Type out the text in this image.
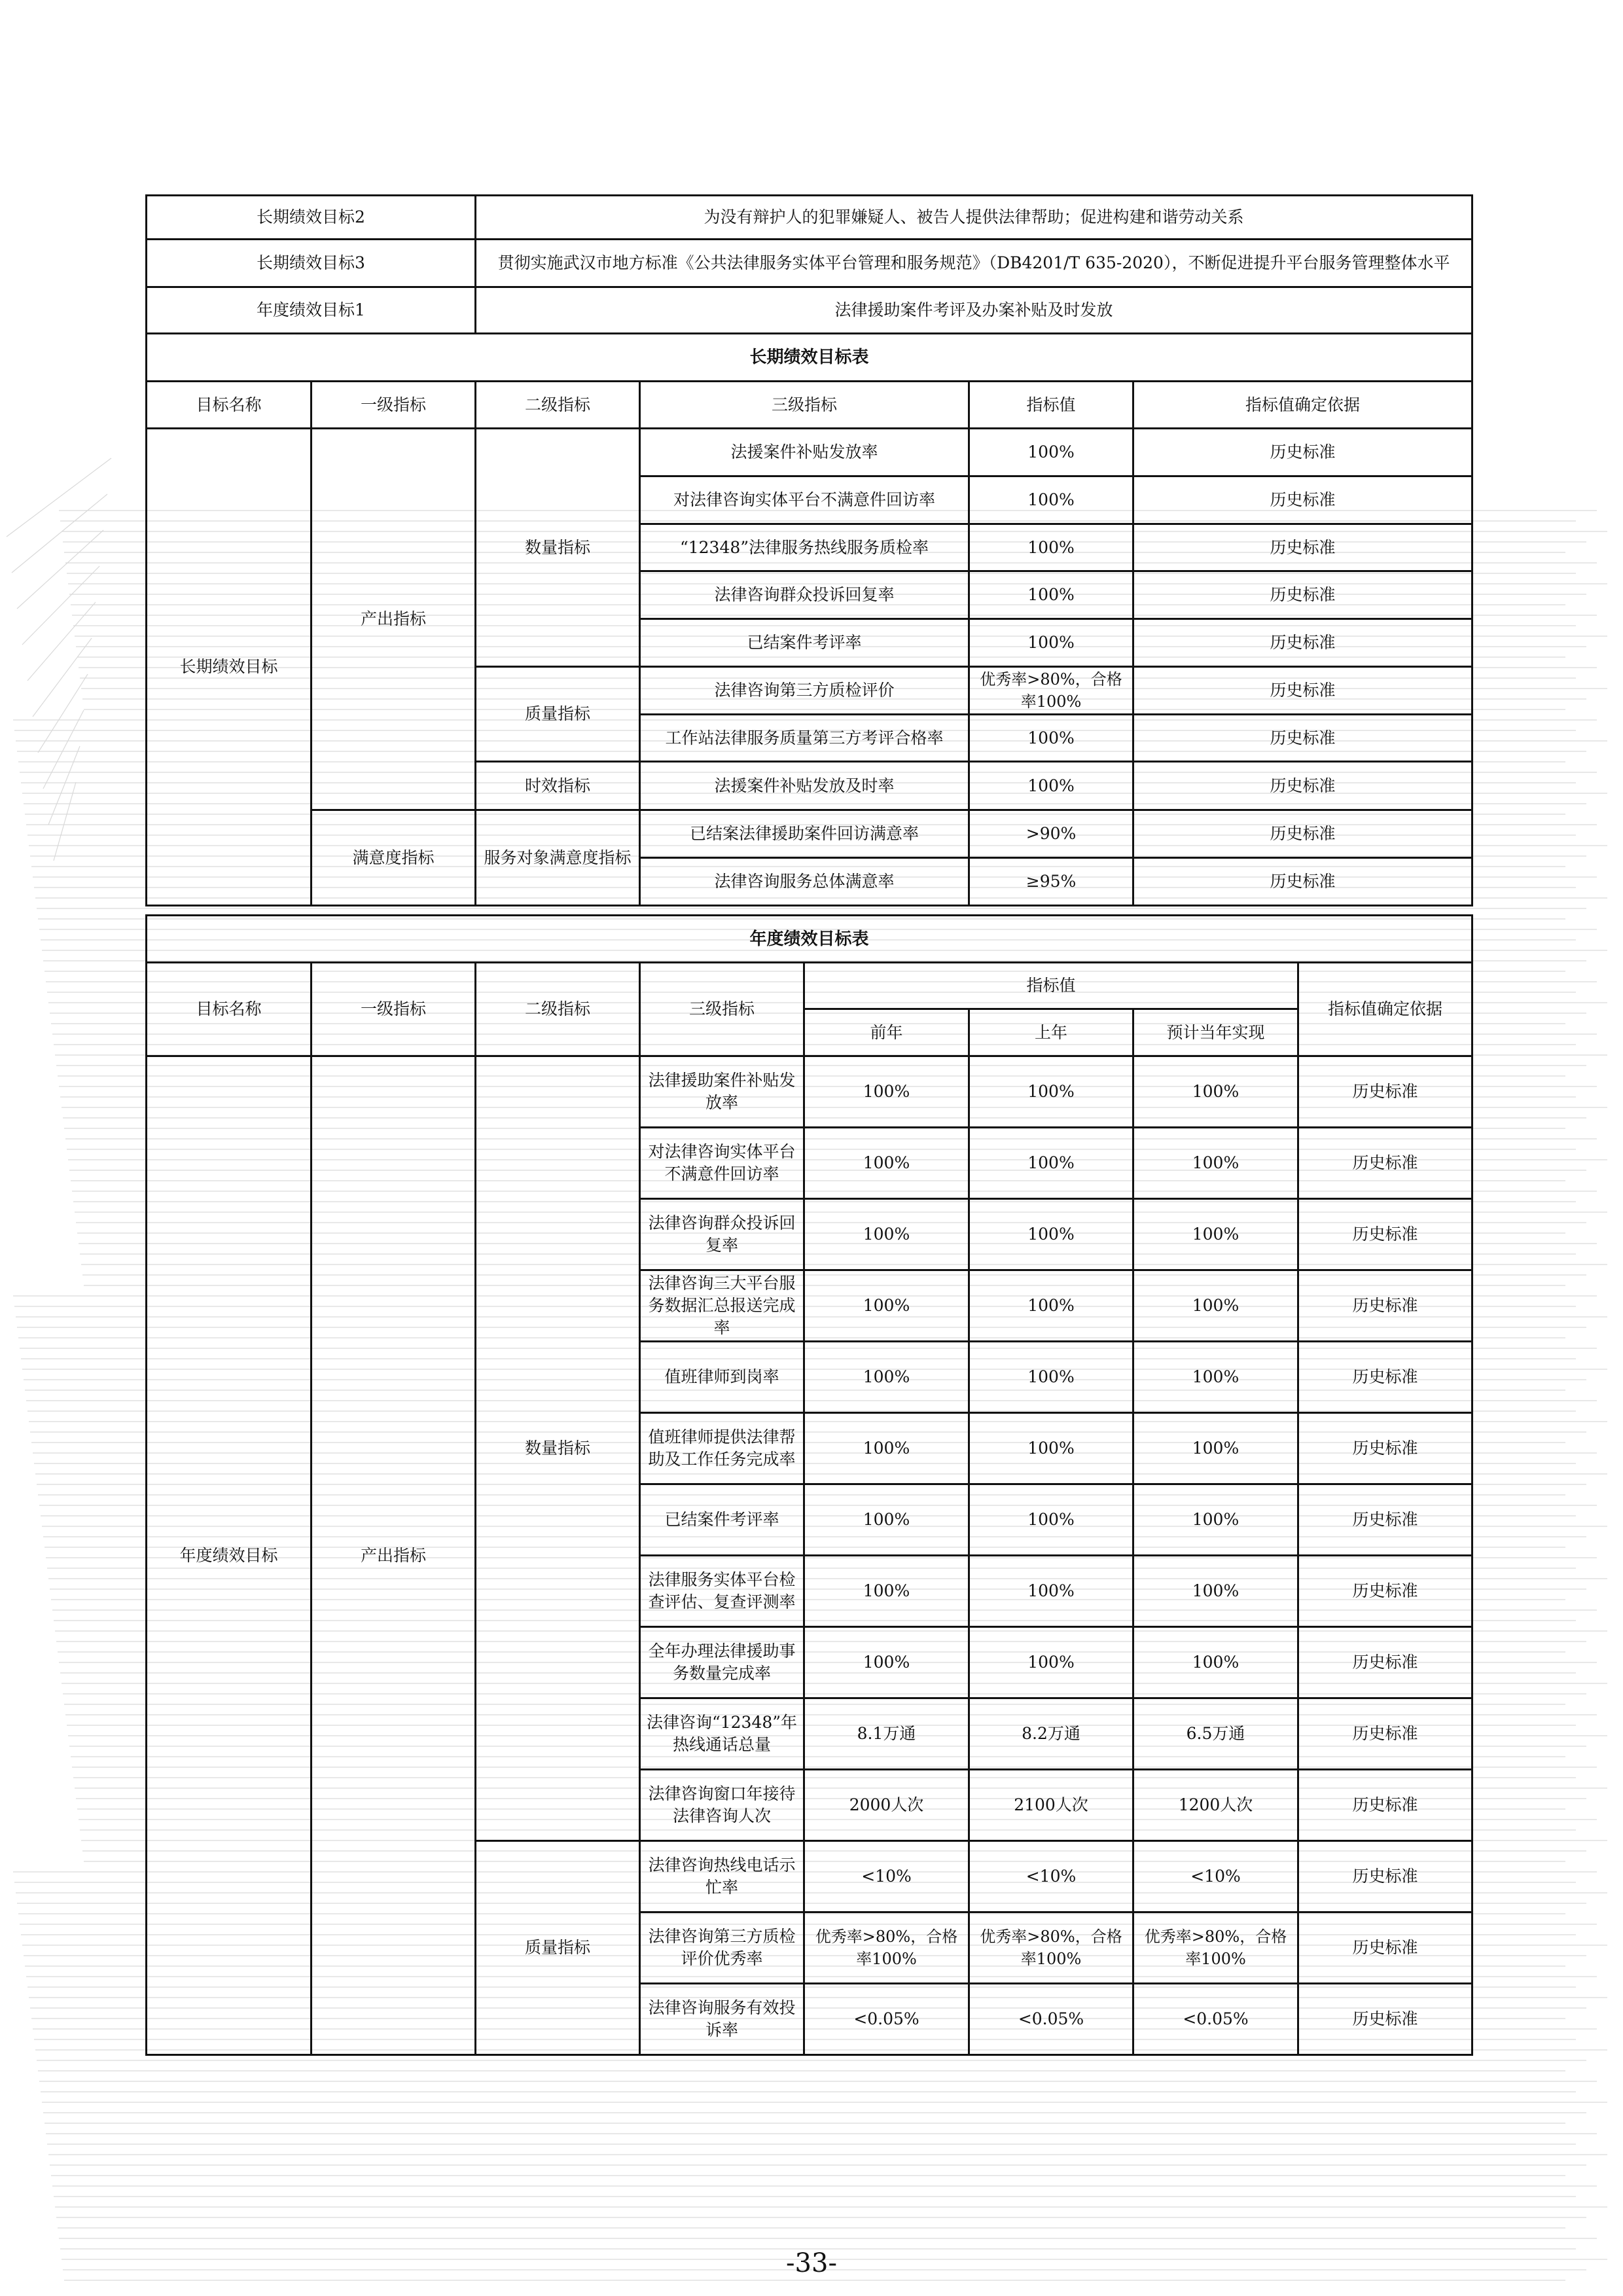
长期绩效目标2		为没有辩护人的犯罪嫌疑人、被告人提供法律帮助；促进构建和谐劳动关系			
长期绩效目标3		贯彻实施武汉市地方标准《公共法律服务实体平台管理和服务规范》（DB4201/T 635-2020），不断促进提升平台服务管理整体水平			
年度绩效目标1		法律援助案件考评及办案补贴及时发放			
长期绩效目标表					
目标名称	一级指标	二级指标	三级指标	指标值	指标值确定依据
长期绩效目标	产出指标	数量指标	法援案件补贴发放率	100%	历史标准
			对法律咨询实体平台不满意件回访率	100%	历史标准
			“12348”法律服务热线服务质检率	100%	历史标准
			法律咨询群众投诉回复率	100%	历史标准
			已结案件考评率	100%	历史标准
		质量指标	法律咨询第三方质检评价	优秀率>80%，合格率100%	历史标准
			工作站法律服务质量第三方考评合格率	100%	历史标准
		时效指标	法援案件补贴发放及时率	100%	历史标准
	满意度指标	服务对象满意度指标	已结案法律援助案件回访满意率	>90%	历史标准
			法律咨询服务总体满意率	≥95%	历史标准
年度绩效目标表							
目标名称	一级指标	二级指标	三级指标	指标值			指标值确定依据
				前年	上年	预计当年实现	
年度绩效目标	产出指标	数量指标	法律援助案件补贴发放率	100%	100%	100%	历史标准
			对法律咨询实体平台不满意件回访率	100%	100%	100%	历史标准
			法律咨询群众投诉回复率	100%	100%	100%	历史标准
			法律咨询三大平台服务数据汇总报送完成率	100%	100%	100%	历史标准
			值班律师到岗率	100%	100%	100%	历史标准
			值班律师提供法律帮助及工作任务完成率	100%	100%	100%	历史标准
			已结案件考评率	100%	100%	100%	历史标准
			法律服务实体平台检查评估、复查评测率	100%	100%	100%	历史标准
			全年办理法律援助事务数量完成率	100%	100%	100%	历史标准
			法律咨询“12348”年热线通话总量	8.1万通	8.2万通	6.5万通	历史标准
			法律咨询窗口年接待法律咨询人次	2000人次	2100人次	1200人次	历史标准
		质量指标	法律咨询热线电话示忙率	<10%	<10%	<10%	历史标准
			法律咨询第三方质检评价优秀率	优秀率>80%，合格率100%	优秀率>80%，合格率100%	优秀率>80%，合格率100%	历史标准
			法律咨询服务有效投诉率	<0.05%	<0.05%	<0.05%	历史标准
-33-
